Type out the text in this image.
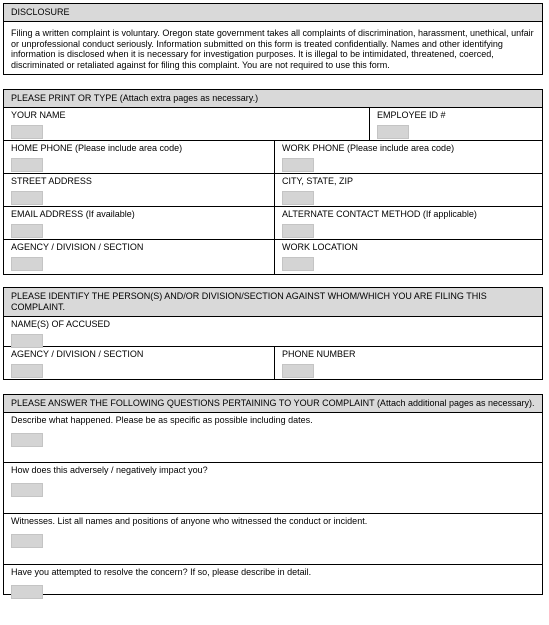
DISCLOSURE
Filing a written complaint is voluntary. Oregon state government takes all complaints of discrimination, harassment, unethical, unfair or unprofessional conduct seriously. Information submitted on this form is treated confidentially. Names and other identifying information is disclosed when it is necessary for investigation purposes. It is illegal to be intimidated, threatened, coerced, discriminated or retaliated against for filing this complaint. You are not required to use this form.
PLEASE PRINT OR TYPE (Attach extra pages as necessary.)
YOUR NAME	EMPLOYEE ID #
HOME PHONE (Please include area code)	WORK PHONE (Please include area code)
STREET ADDRESS	CITY, STATE, ZIP
EMAIL ADDRESS (If available)	ALTERNATE CONTACT METHOD (If applicable)
AGENCY / DIVISION / SECTION	WORK LOCATION
PLEASE IDENTIFY THE PERSON(S) AND/OR DIVISION/SECTION AGAINST WHOM/WHICH YOU ARE FILING THIS COMPLAINT.
NAME(S) OF ACCUSED
AGENCY / DIVISION / SECTION	PHONE NUMBER
PLEASE ANSWER THE FOLLOWING QUESTIONS PERTAINING TO YOUR COMPLAINT (Attach additional pages as necessary).
Describe what happened. Please be as specific as possible including dates.
How does this adversely / negatively impact you?
Witnesses. List all names and positions of anyone who witnessed the conduct or incident.
Have you attempted to resolve the concern? If so, please describe in detail.
